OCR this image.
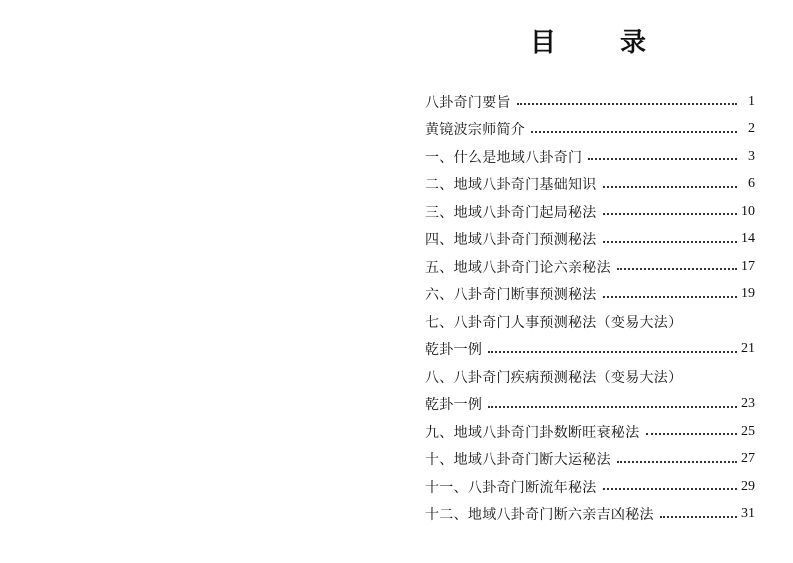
目 录
八卦奇门要旨	1
黄镜波宗师简介	2
一、什么是地域八卦奇门	3
二、地域八卦奇门基础知识	6
三、地域八卦奇门起局秘法	10
四、地域八卦奇门预测秘法	14
五、地域八卦奇门论六亲秘法	17
六、八卦奇门断事预测秘法	19
七、八卦奇门人事预测秘法（变易大法）
乾卦一例	21
八、八卦奇门疾病预测秘法（变易大法）
乾卦一例	23
九、地域八卦奇门卦数断旺衰秘法	25
十、地域八卦奇门断大运秘法	27
十一、八卦奇门断流年秘法	29
十二、地域八卦奇门断六亲吉凶秘法	31
